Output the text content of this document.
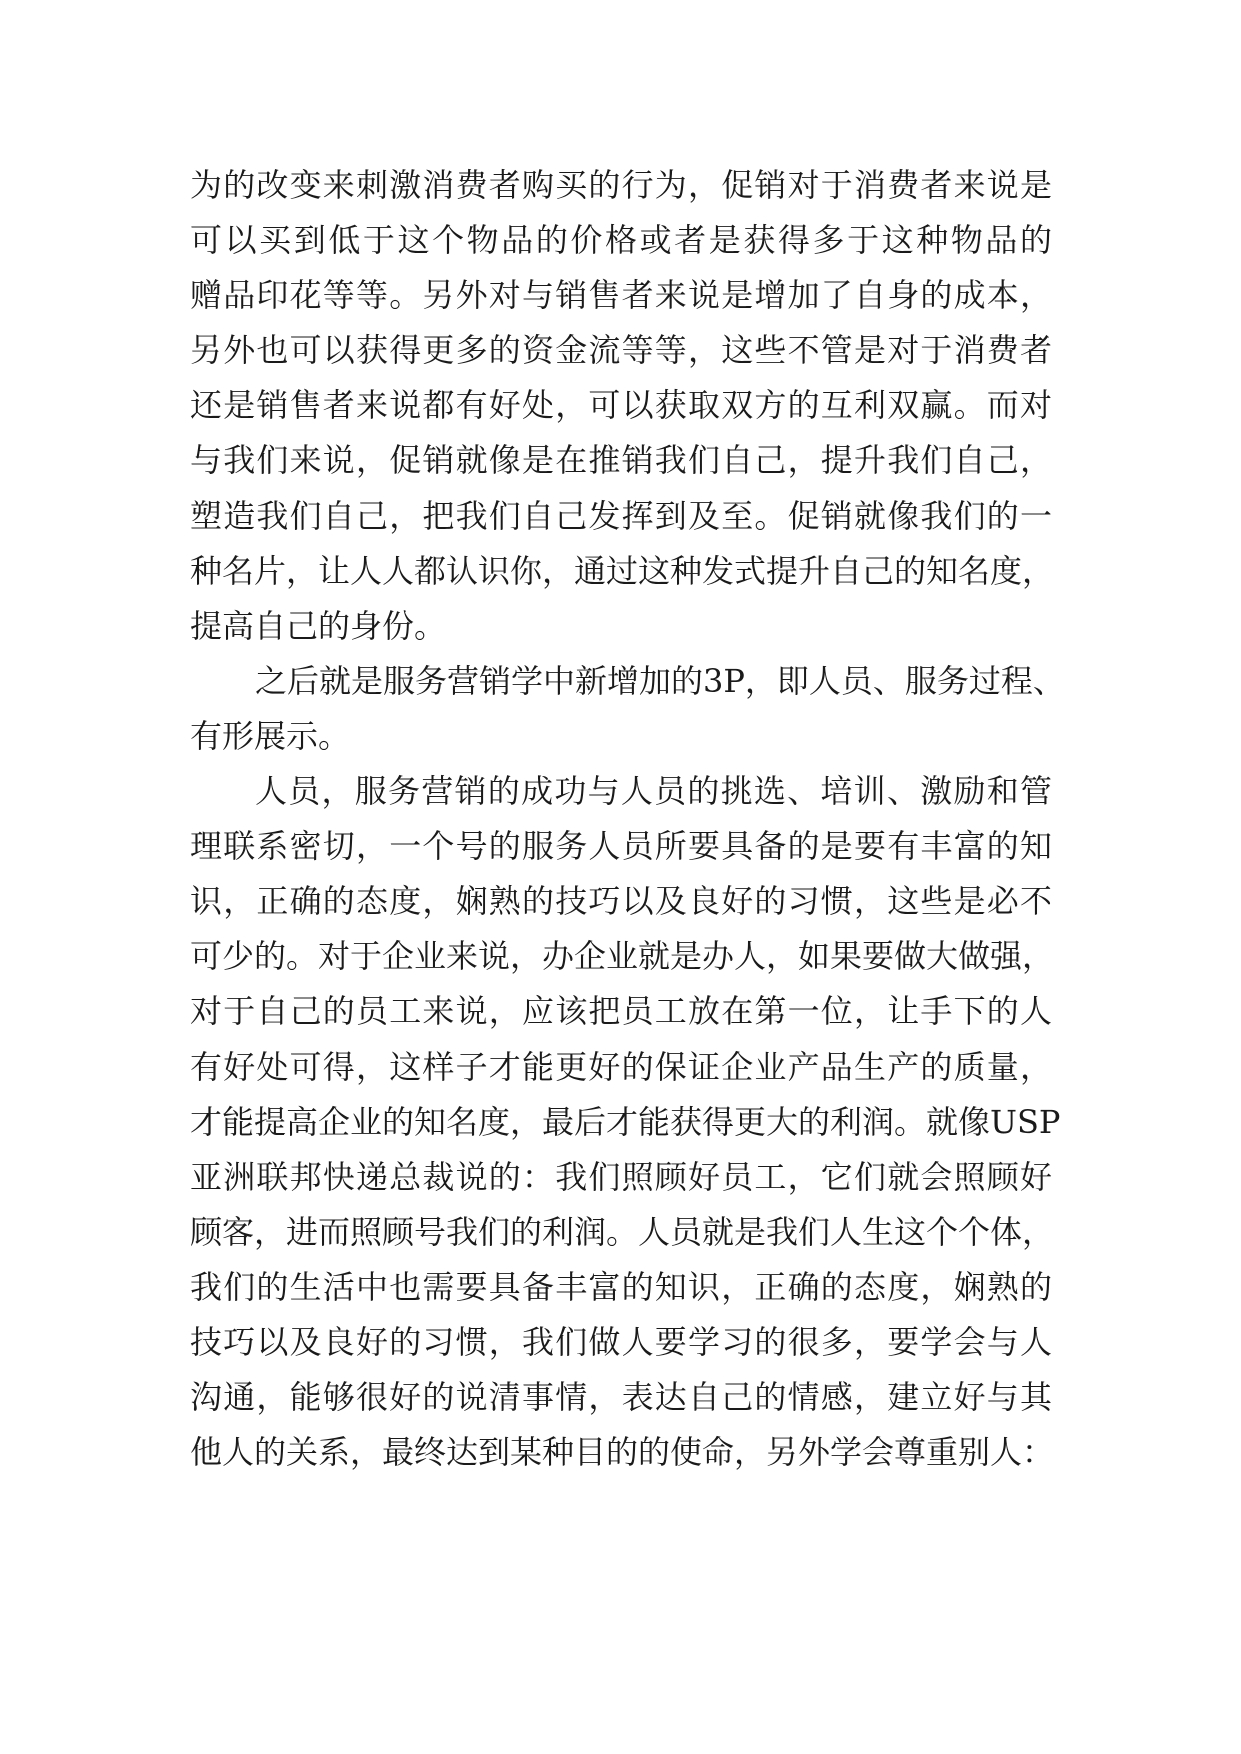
为的改变来刺激消费者购买的行为，促销对于消费者来说是
可以买到低于这个物品的价格或者是获得多于这种物品的
赠品印花等等。另外对与销售者来说是增加了自身的成本，
另外也可以获得更多的资金流等等，这些不管是对于消费者
还是销售者来说都有好处，可以获取双方的互利双赢。而对
与我们来说，促销就像是在推销我们自己，提升我们自己，
塑造我们自己，把我们自己发挥到及至。促销就像我们的一
种名片，让人人都认识你，通过这种发式提升自己的知名度，
提高自己的身份。
之后就是服务营销学中新增加的3P，即人员、服务过程、
有形展示。
人员，服务营销的成功与人员的挑选、培训、激励和管
理联系密切，一个号的服务人员所要具备的是要有丰富的知
识，正确的态度，娴熟的技巧以及良好的习惯，这些是必不
可少的。对于企业来说，办企业就是办人，如果要做大做强，
对于自己的员工来说，应该把员工放在第一位，让手下的人
有好处可得，这样子才能更好的保证企业产品生产的质量，
才能提高企业的知名度，最后才能获得更大的利润。就像USP
亚洲联邦快递总裁说的：我们照顾好员工，它们就会照顾好
顾客，进而照顾号我们的利润。人员就是我们人生这个个体，
我们的生活中也需要具备丰富的知识，正确的态度，娴熟的
技巧以及良好的习惯，我们做人要学习的很多，要学会与人
沟通，能够很好的说清事情，表达自己的情感，建立好与其
他人的关系，最终达到某种目的的使命，另外学会尊重别人：
